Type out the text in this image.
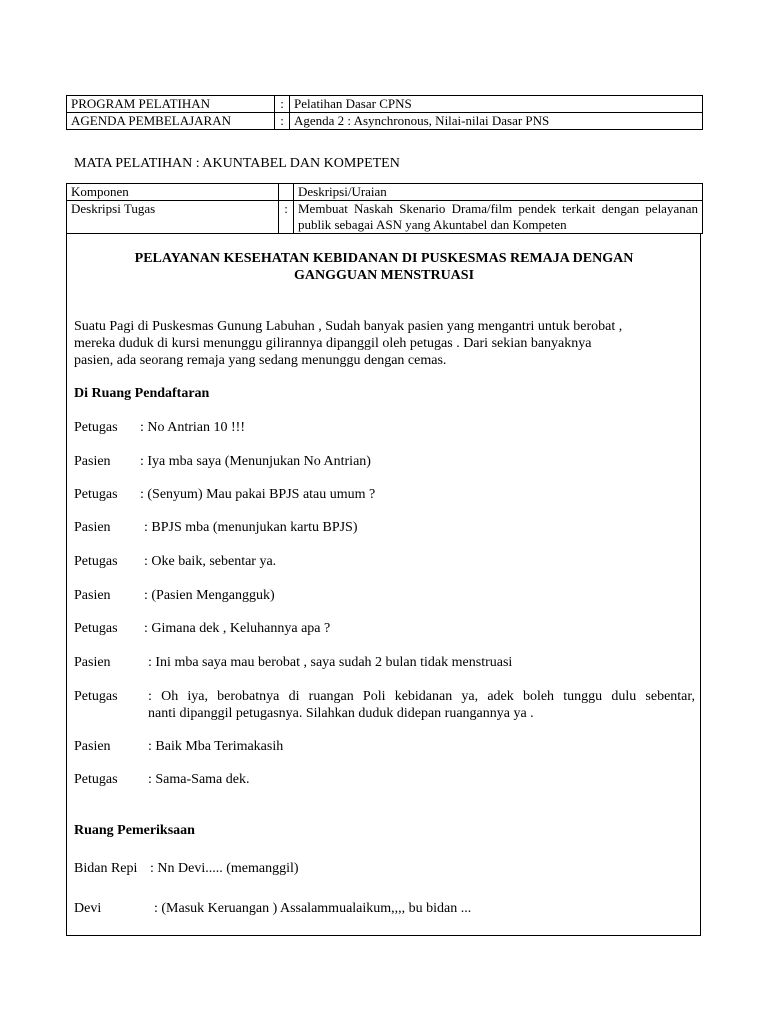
PROGRAM PELATIHAN	:	Pelatihan Dasar CPNS
AGENDA PEMBELAJARAN	:	Agenda 2 : Asynchronous, Nilai-nilai Dasar PNS
MATA PELATIHAN : AKUNTABEL DAN KOMPETEN
Komponen		Deskripsi/Uraian
Deskripsi Tugas	:	Membuat Naskah Skenario Drama/film pendek terkait dengan pelayanan publik sebagai ASN yang Akuntabel dan Kompeten
PELAYANAN KESEHATAN KEBIDANAN DI PUSKESMAS REMAJA DENGAN
GANGGUAN MENSTRUASI
Suatu Pagi di Puskesmas Gunung Labuhan , Sudah banyak pasien yang mengantri untuk berobat ,
mereka duduk di kursi menunggu gilirannya dipanggil oleh petugas . Dari sekian banyaknya
pasien, ada seorang remaja yang sedang menunggu dengan cemas.
Di Ruang Pendaftaran
Petugas : No Antrian 10 !!!
Pasien : Iya mba saya (Menunjukan No Antrian)
Petugas : (Senyum) Mau pakai BPJS atau umum ?
Pasien : BPJS mba (menunjukan kartu BPJS)
Petugas : Oke baik, sebentar ya.
Pasien : (Pasien Mengangguk)
Petugas : Gimana dek , Keluhannya apa ?
Pasien	: Ini mba saya mau berobat , saya sudah 2 bulan tidak menstruasi
Petugas : Oh iya, berobatnya di ruangan Poli kebidanan ya, adek boleh tunggu dulu sebentar,
nanti dipanggil petugasnya. Silahkan duduk didepan ruangannya ya .
Pasien	: Baik Mba Terimakasih
Petugas : Sama-Sama dek.
Ruang Pemeriksaan
Bidan Repi : Nn Devi..... (memanggil)
Devi	: (Masuk Keruangan ) Assalammualaikum,,,, bu bidan ...
